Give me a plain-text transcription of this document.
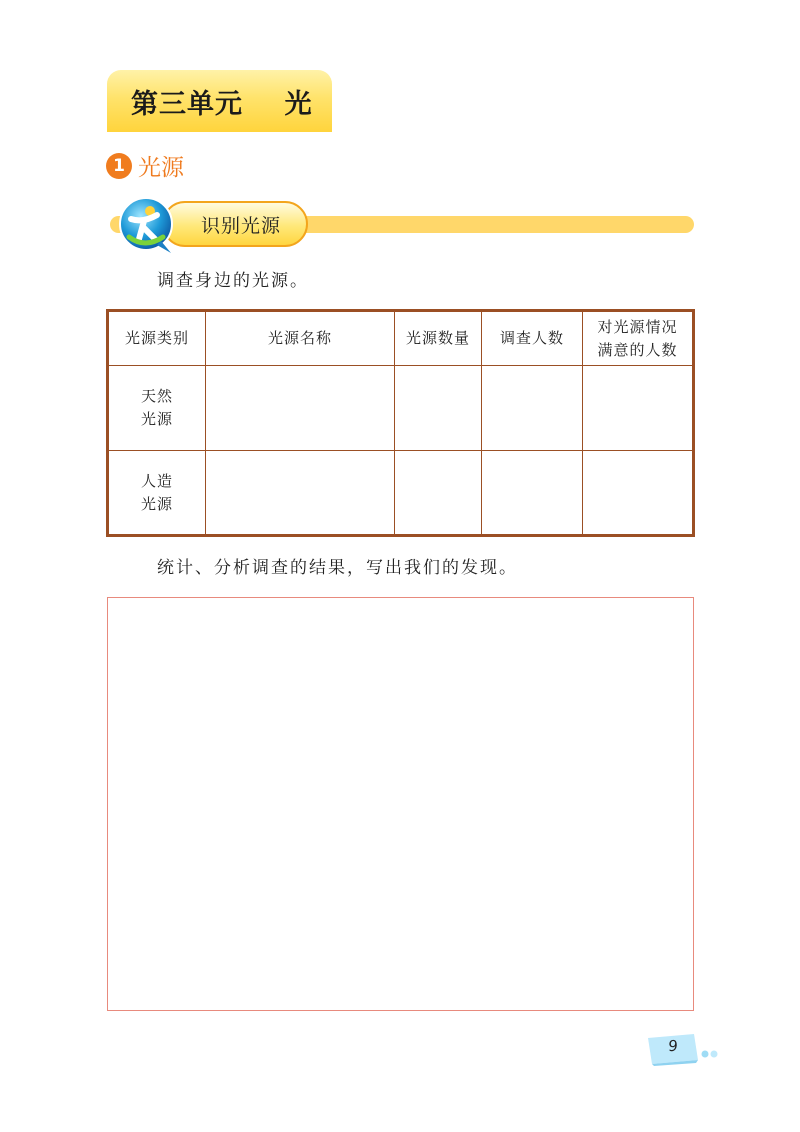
第三单元    光
1 光源
识别光源
调查身边的光源。
光源类别	光源名称	光源数量	调查人数	对光源情况满意的人数
天然光源				
人造光源				
统计、分析调查的结果，写出我们的发现。
9
